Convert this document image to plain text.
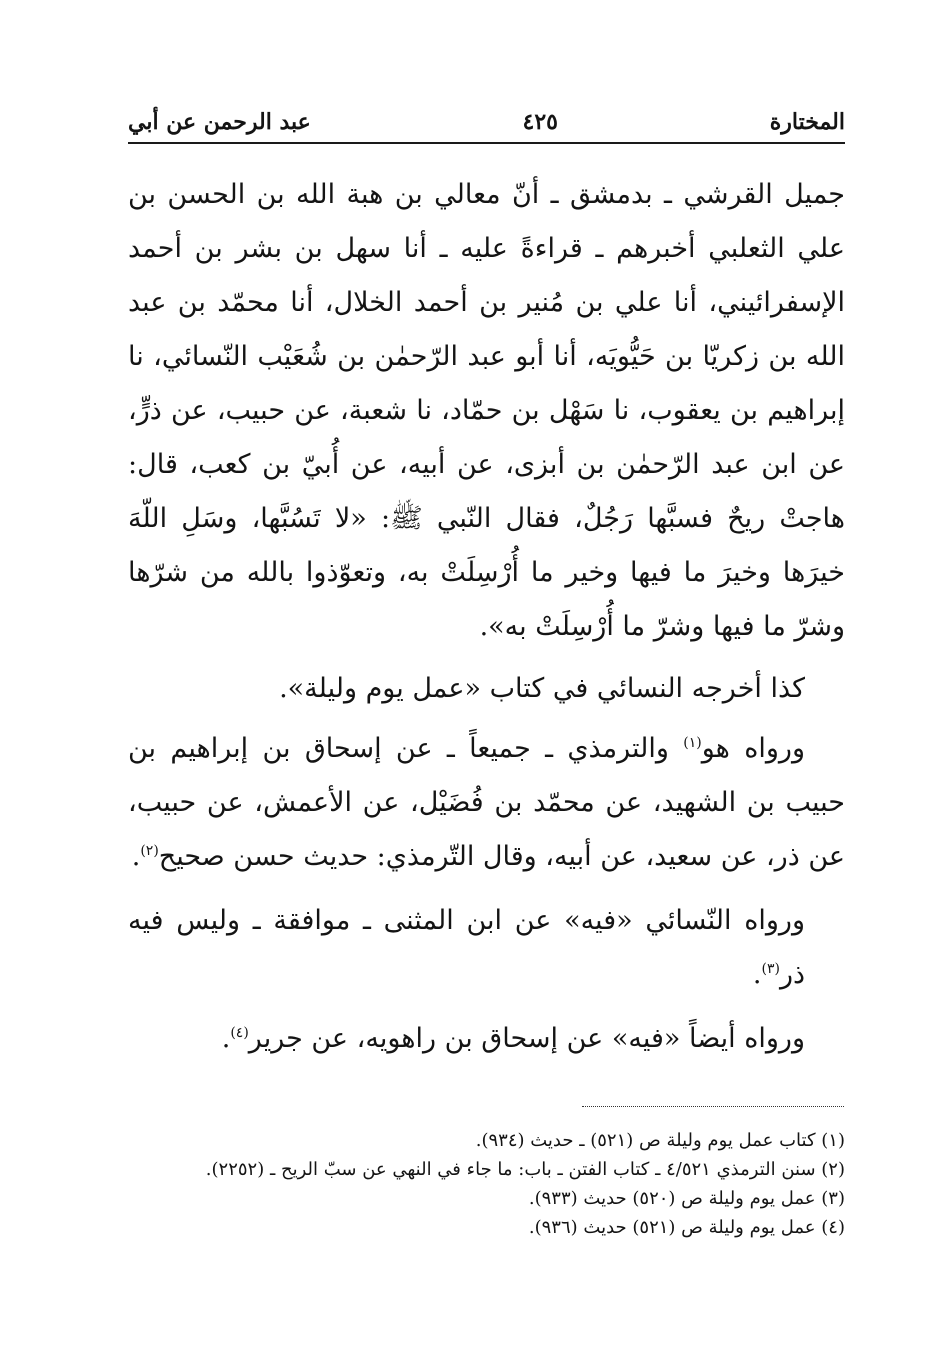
المختارة
٤٢٥
عبد الرحمن عن أبي

جميل القرشي ـ بدمشق ـ أنّ معالي بن هبة الله بن الحسن بن علي الثعلبي أخبرهم ـ قراءةً عليه ـ أنا سهل بن بشر بن أحمد الإسفرائيني، أنا علي بن مُنير بن أحمد الخلال، أنا محمّد بن عبد الله بن زكريّا بن حَيُّويَه، أنا أبو عبد الرّحمٰن بن شُعَيْب النّسائي، نا إبراهيم بن يعقوب، نا سَهْل بن حمّاد، نا شعبة، عن حبيب، عن ذرٍّ، عن ابن عبد الرّحمٰن بن أبزى، عن أبيه، عن أُبيّ بن كعب، قال: هاجتْ ريحٌ فسبَّها رَجُلٌ، فقال النّبي ﷺ: «لا تَسُبَّها، وسَلِ اللّهَ خيرَها وخيرَ ما فيها وخير ما أُرْسِلَتْ به، وتعوّذوا بالله من شرّها وشرّ ما فيها وشرّ ما أُرْسِلَتْ به».

كذا أخرجه النسائي في كتاب «عمل يوم وليلة».

ورواه هو$^{(١)}$ والترمذي ـ جميعاً ـ عن إسحاق بن إبراهيم بن حبيب بن الشهيد، عن محمّد بن فُضَيْل، عن الأعمش، عن حبيب، عن ذر، عن سعيد، عن أبيه، وقال التّرمذي: حديث حسن صحيح$^{(٢)}$.

ورواه النّسائي «فيه» عن ابن المثنى ـ موافقة ـ وليس فيه ذر$^{(٣)}$.

ورواه أيضاً «فيه» عن إسحاق بن راهويه، عن جرير$^{(٤)}$.

(١) كتاب عمل يوم وليلة ص (٥٢١) ـ حديث (٩٣٤).

(٢) سنن الترمذي ٤/٥٢١ ـ كتاب الفتن ـ باب: ما جاء في النهي عن سبّ الريح ـ (٢٢٥٢).

(٣) عمل يوم وليلة ص (٥٢٠) حديث (٩٣٣).

(٤) عمل يوم وليلة ص (٥٢١) حديث (٩٣٦).
